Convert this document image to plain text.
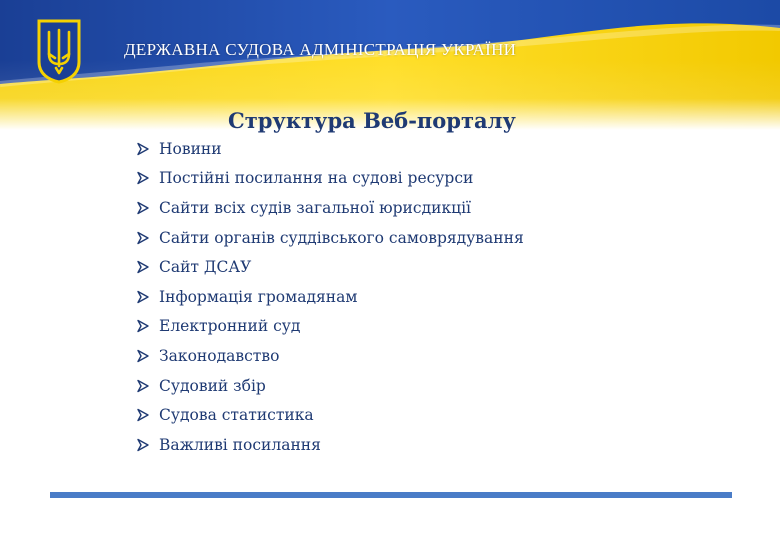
ДЕРЖАВНА СУДОВА АДМІНІСТРАЦІЯ УКРАЇНИ
Структура Веб-порталу
Новини
Постійні посилання на судові ресурси
Сайти всіх судів загальної юрисдикції
Сайти органів суддівського самоврядування
Сайт ДСАУ
Інформація громадянам
Електронний суд
Законодавство
Судовий збір
Судова статистика
Важливі посилання
